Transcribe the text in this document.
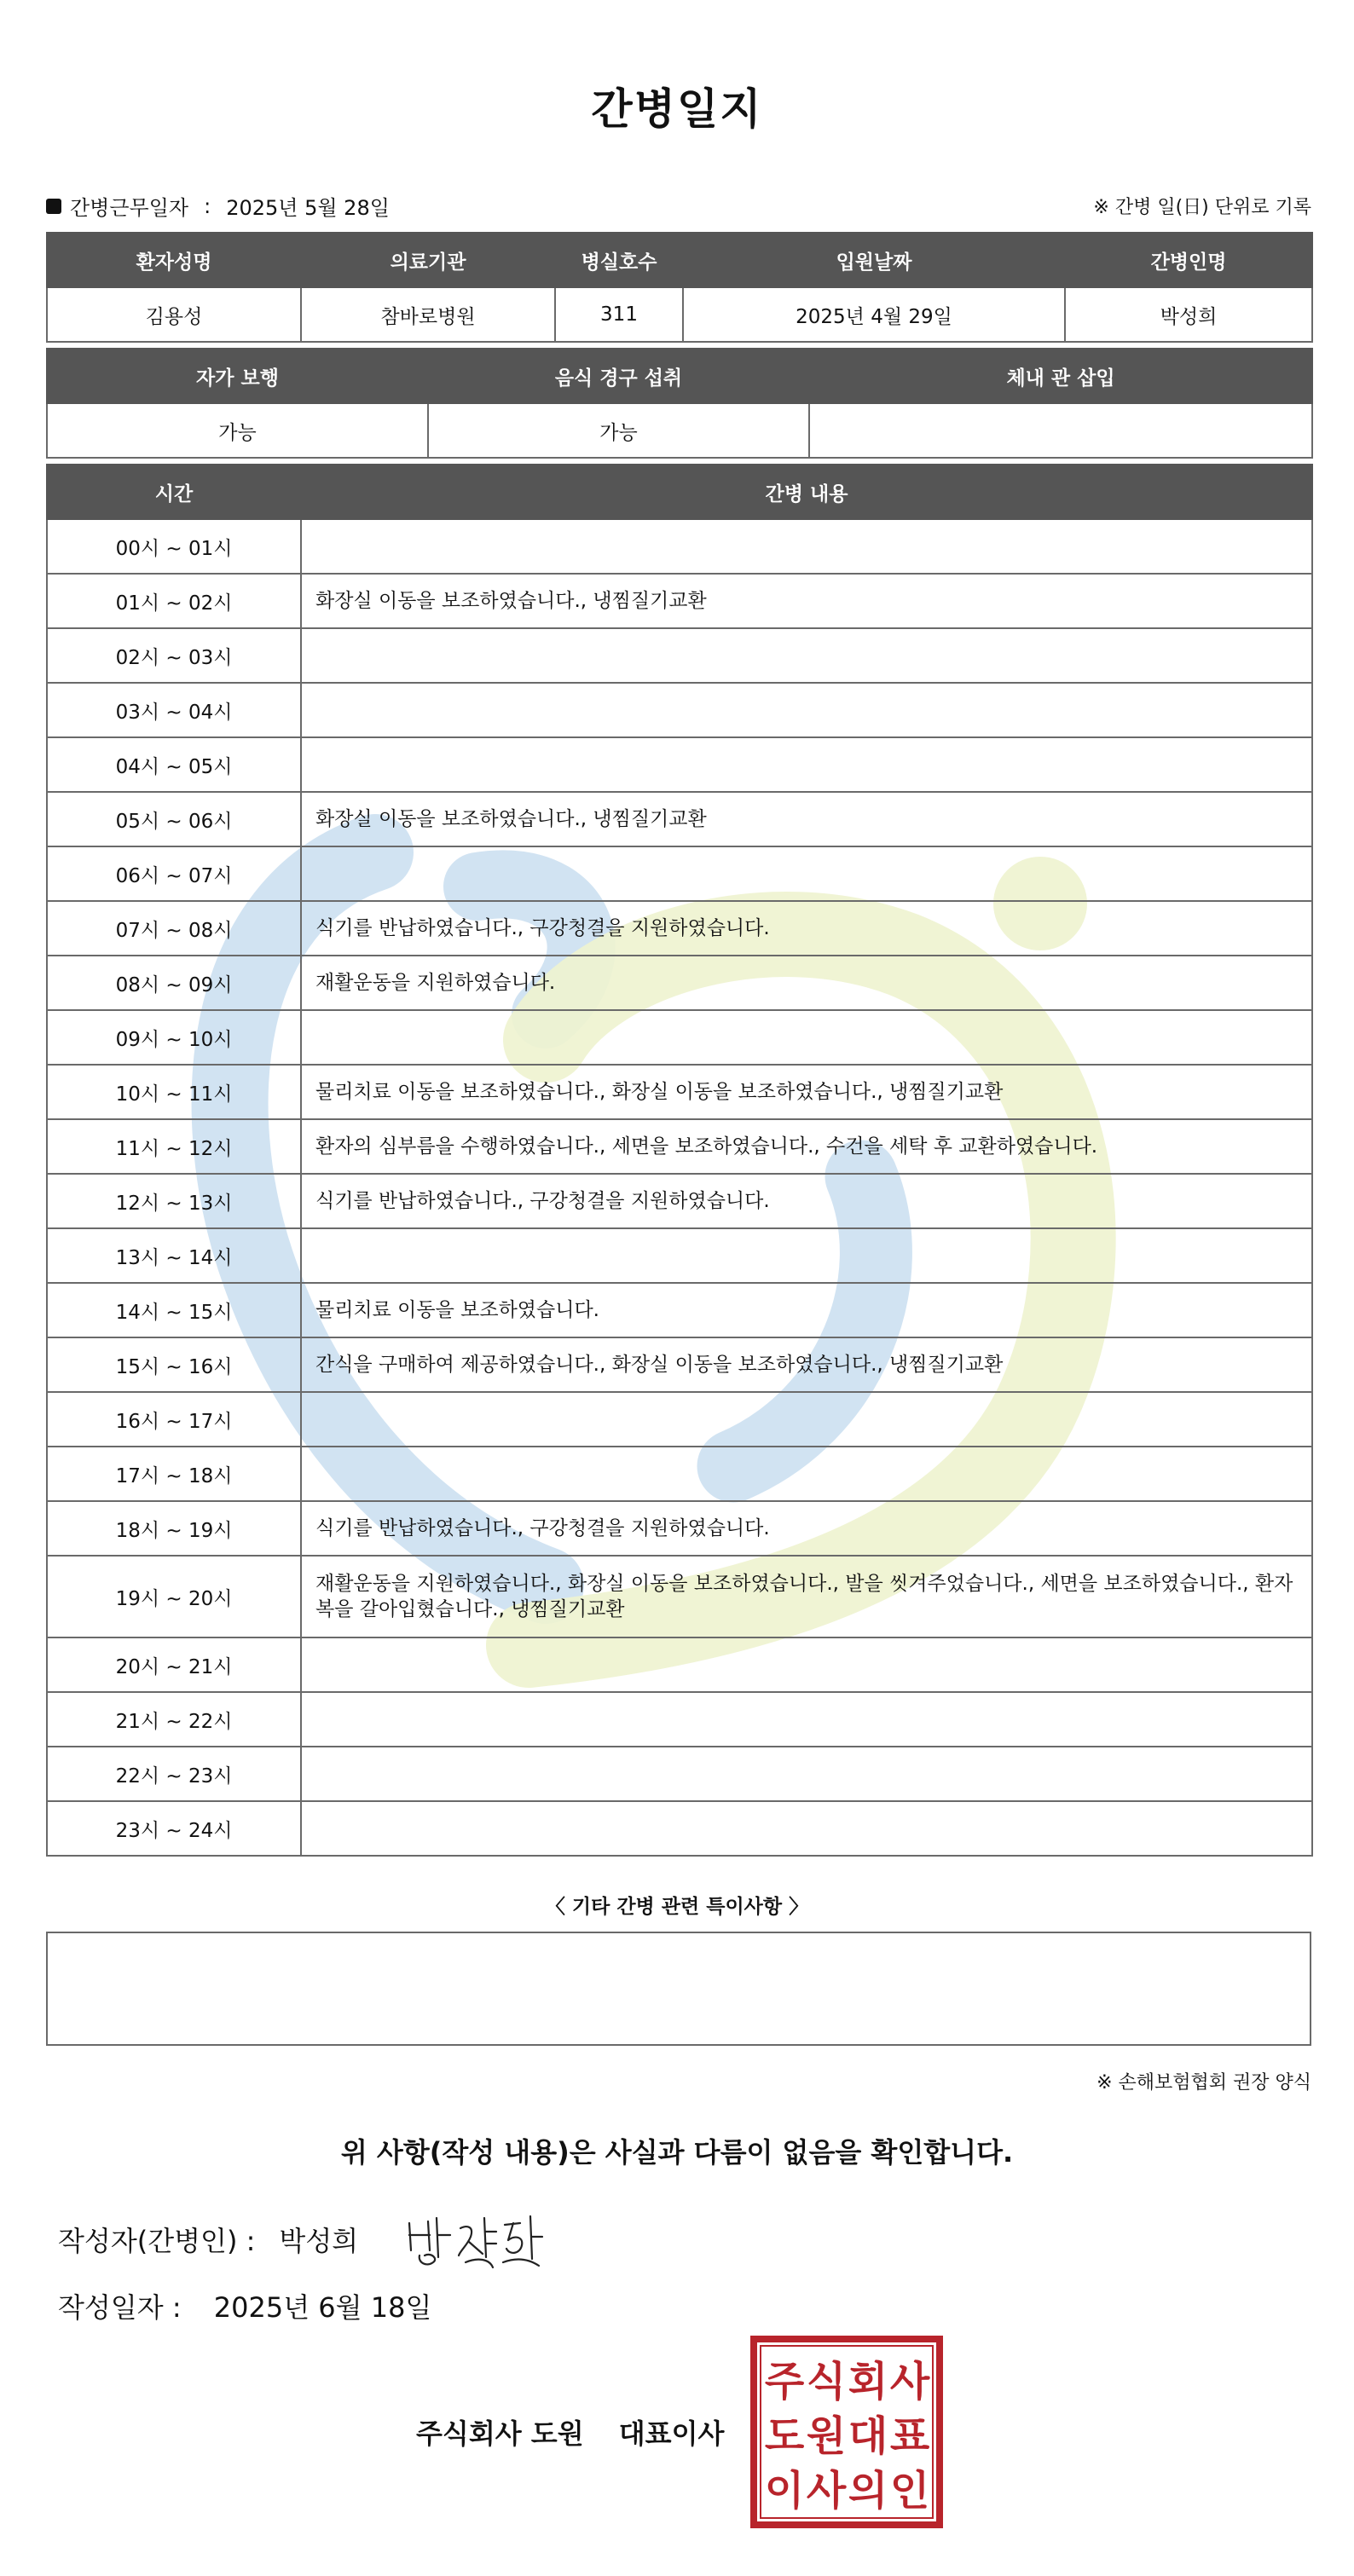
간병일지
간병근무일자 : 2025년 5월 28일	※ 간병 일(日) 단위로 기록
환자성명	의료기관	병실호수	입원날짜	간병인명
김용성	참바로병원	311	2025년 4월 29일	박성희
자가 보행	음식 경구 섭취	체내 관 삽입
가능	가능	
시간	간병 내용
00시 ~ 01시	
01시 ~ 02시	화장실 이동을 보조하였습니다., 냉찜질기교환
02시 ~ 03시	
03시 ~ 04시	
04시 ~ 05시	
05시 ~ 06시	화장실 이동을 보조하였습니다., 냉찜질기교환
06시 ~ 07시	
07시 ~ 08시	식기를 반납하였습니다., 구강청결을 지원하였습니다.
08시 ~ 09시	재활운동을 지원하였습니다.
09시 ~ 10시	
10시 ~ 11시	물리치료 이동을 보조하였습니다., 화장실 이동을 보조하였습니다., 냉찜질기교환
11시 ~ 12시	환자의 심부름을 수행하였습니다., 세면을 보조하였습니다., 수건을 세탁 후 교환하였습니다.
12시 ~ 13시	식기를 반납하였습니다., 구강청결을 지원하였습니다.
13시 ~ 14시	
14시 ~ 15시	물리치료 이동을 보조하였습니다.
15시 ~ 16시	간식을 구매하여 제공하였습니다., 화장실 이동을 보조하였습니다., 냉찜질기교환
16시 ~ 17시	
17시 ~ 18시	
18시 ~ 19시	식기를 반납하였습니다., 구강청결을 지원하였습니다.
19시 ~ 20시	재활운동을 지원하였습니다., 화장실 이동을 보조하였습니다., 발을 씻겨주었습니다., 세면을 보조하였습니다., 환자복을 갈아입혔습니다., 냉찜질기교환
20시 ~ 21시	
21시 ~ 22시	
22시 ~ 23시	
23시 ~ 24시	
〈 기타 간병 관련 특이사항 〉
※ 손해보험협회 권장 양식
위 사항(작성 내용)은 사실과 다름이 없음을 확인합니다.
작성자(간병인) : 박성희
작성일자 : 2025년 6월 18일
주식회사 도원 대표이사
주 식 회 사
도 원 대 표
이 사 의 인
